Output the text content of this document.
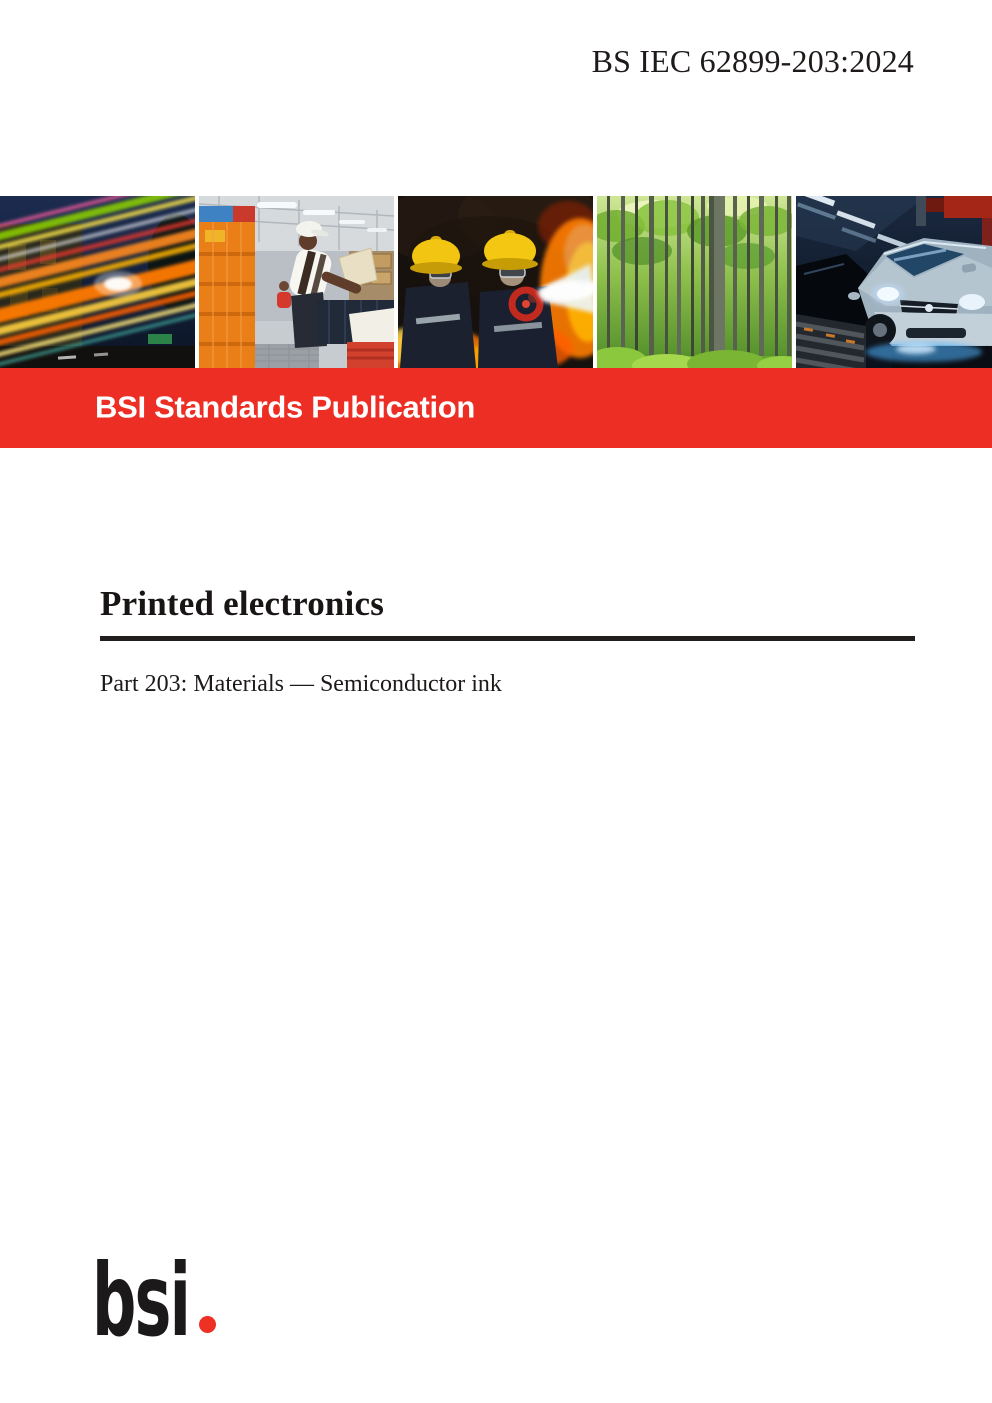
BS IEC 62899-203:2024
BSI Standards Publication
Printed electronics
Part 203: Materials — Semiconductor ink
bsi
